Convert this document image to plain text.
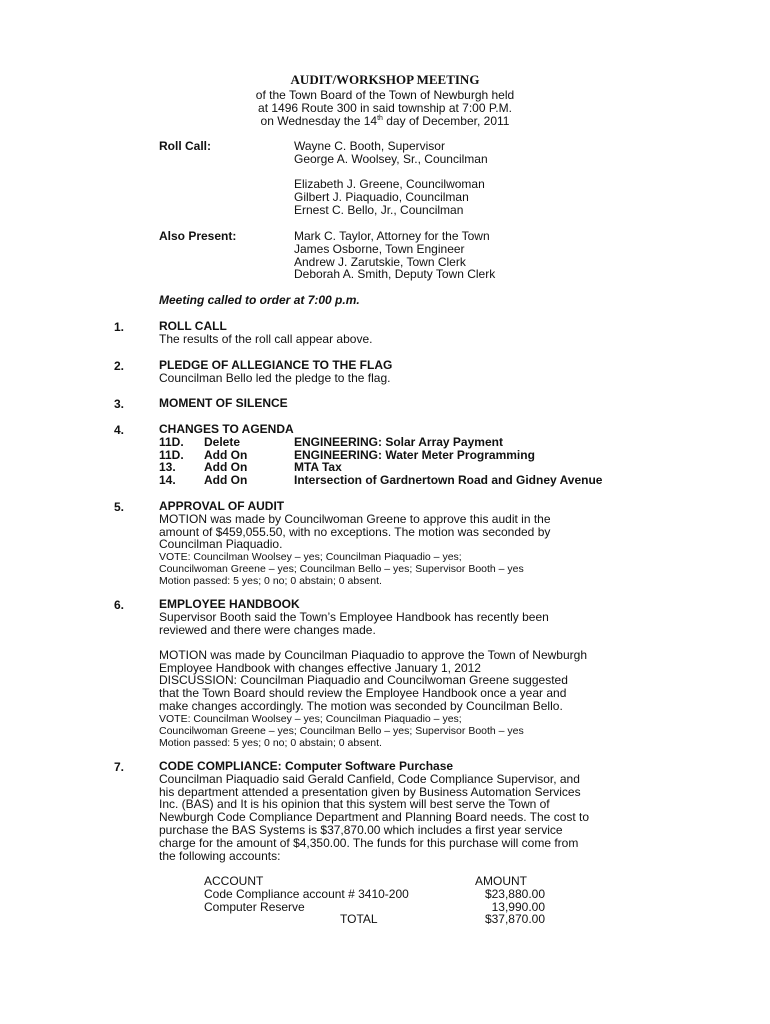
AUDIT/WORKSHOP MEETING
of the Town Board of the Town of Newburgh held
at 1496 Route 300 in said township at 7:00 P.M.
on Wednesday the 14th day of December, 2011
Roll Call:	Wayne C. Booth, Supervisor
George A. Woolsey, Sr., Councilman
Elizabeth J. Greene, Councilwoman
Gilbert J. Piaquadio, Councilman
Ernest C. Bello, Jr., Councilman
Also Present:	Mark C. Taylor, Attorney for the Town
James Osborne, Town Engineer
Andrew J. Zarutskie, Town Clerk
Deborah A. Smith, Deputy Town Clerk
Meeting called to order at 7:00 p.m.
1.	ROLL CALL
The results of the roll call appear above.
2.	PLEDGE OF ALLEGIANCE TO THE FLAG
Councilman Bello led the pledge to the flag.
3.	MOMENT OF SILENCE
4.	CHANGES TO AGENDA
11D. Delete	ENGINEERING: Solar Array Payment
11D. Add On	ENGINEERING: Water Meter Programming
13. Add On	MTA Tax
14. Add On	Intersection of Gardnertown Road and Gidney Avenue
5.	APPROVAL OF AUDIT
MOTION was made by Councilwoman Greene to approve this audit in the
amount of $459,055.50, with no exceptions. The motion was seconded by
Councilman Piaquadio.
VOTE: Councilman Woolsey – yes; Councilman Piaquadio – yes;
Councilwoman Greene – yes; Councilman Bello – yes; Supervisor Booth – yes
Motion passed: 5 yes; 0 no; 0 abstain; 0 absent.
6.	EMPLOYEE HANDBOOK
Supervisor Booth said the Town’s Employee Handbook has recently been
reviewed and there were changes made.
MOTION was made by Councilman Piaquadio to approve the Town of Newburgh
Employee Handbook with changes effective January 1, 2012
DISCUSSION: Councilman Piaquadio and Councilwoman Greene suggested
that the Town Board should review the Employee Handbook once a year and
make changes accordingly. The motion was seconded by Councilman Bello.
VOTE: Councilman Woolsey – yes; Councilman Piaquadio – yes;
Councilwoman Greene – yes; Councilman Bello – yes; Supervisor Booth – yes
Motion passed: 5 yes; 0 no; 0 abstain; 0 absent.
7.	CODE COMPLIANCE: Computer Software Purchase
Councilman Piaquadio said Gerald Canfield, Code Compliance Supervisor, and
his department attended a presentation given by Business Automation Services
Inc. (BAS) and It is his opinion that this system will best serve the Town of
Newburgh Code Compliance Department and Planning Board needs. The cost to
purchase the BAS Systems is $37,870.00 which includes a first year service
charge for the amount of $4,350.00. The funds for this purchase will come from
the following accounts:
ACCOUNT	AMOUNT
Code Compliance account # 3410-200	$23,880.00
Computer Reserve	13,990.00
TOTAL	$37,870.00
